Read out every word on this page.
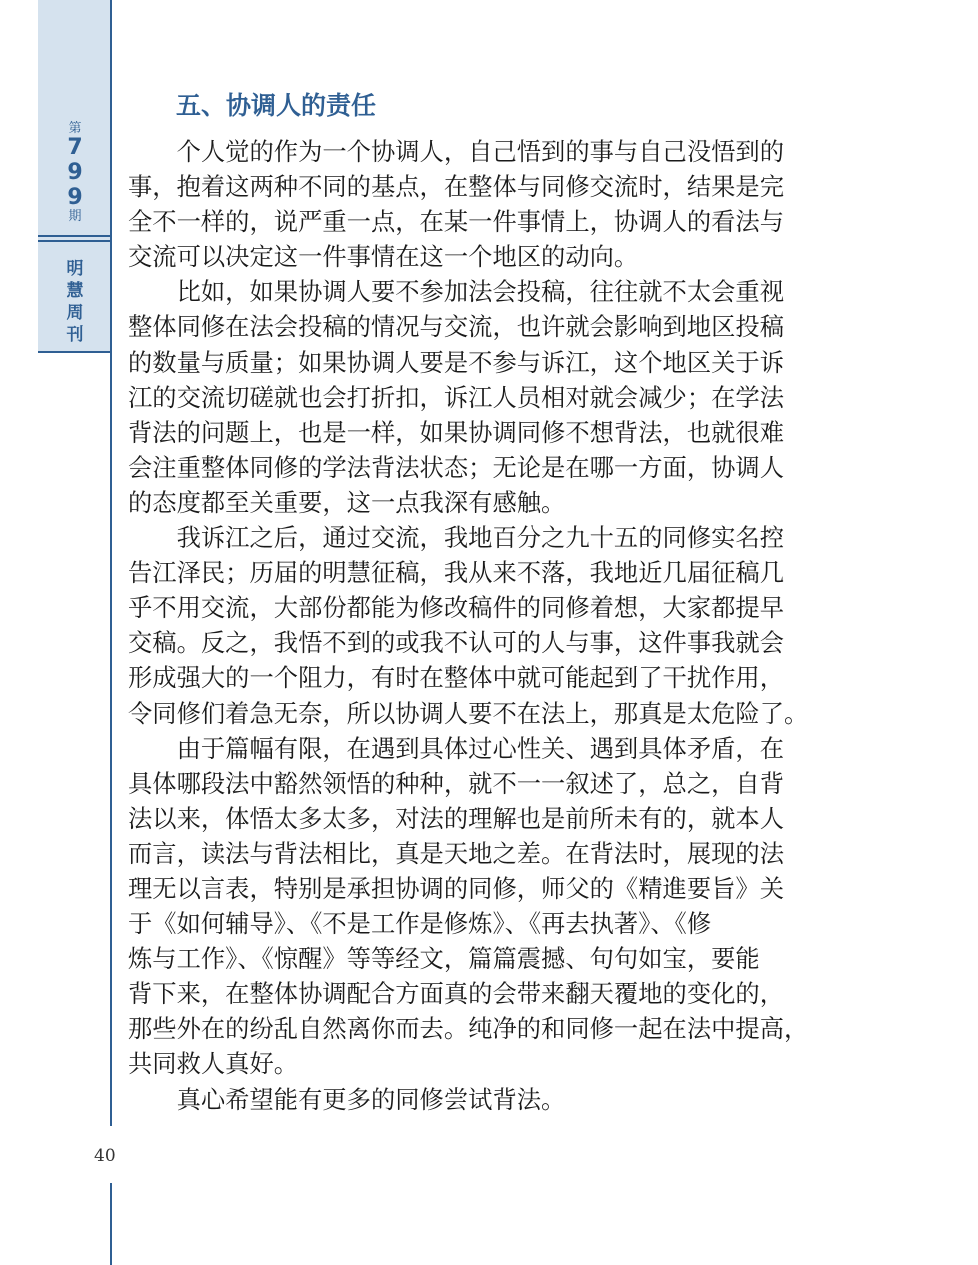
第
7
9
9
期
明
慧
周
刊
五、协调人的责任

个人觉的作为一个协调人，自己悟到的事与自己没悟到的
事，抱着这两种不同的基点，在整体与同修交流时，结果是完
全不一样的，说严重一点，在某一件事情上，协调人的看法与
交流可以决定这一件事情在这一个地区的动向。

比如，如果协调人要不参加法会投稿，往往就不太会重视
整体同修在法会投稿的情况与交流，也许就会影响到地区投稿
的数量与质量；如果协调人要是不参与诉江，这个地区关于诉
江的交流切磋就也会打折扣，诉江人员相对就会减少；在学法
背法的问题上，也是一样，如果协调同修不想背法，也就很难
会注重整体同修的学法背法状态；无论是在哪一方面，协调人
的态度都至关重要，这一点我深有感触。

我诉江之后，通过交流，我地百分之九十五的同修实名控
告江泽民；历届的明慧征稿，我从来不落，我地近几届征稿几
乎不用交流，大部份都能为修改稿件的同修着想，大家都提早
交稿。反之，我悟不到的或我不认可的人与事，这件事我就会
形成强大的一个阻力，有时在整体中就可能起到了干扰作用，
令同修们着急无奈，所以协调人要不在法上，那真是太危险了。

由于篇幅有限，在遇到具体过心性关、遇到具体矛盾，在
具体哪段法中豁然领悟的种种，就不一一叙述了，总之，自背
法以来，体悟太多太多，对法的理解也是前所未有的，就本人
而言，读法与背法相比，真是天地之差。在背法时，展现的法
理无以言表，特别是承担协调的同修，师父的《精進要旨》关
于《如何辅导》、《不是工作是修炼》、《再去执著》、《修
炼与工作》、《惊醒》等等经文，篇篇震撼、句句如宝，要能
背下来，在整体协调配合方面真的会带来翻天覆地的变化的，
那些外在的纷乱自然离你而去。纯净的和同修一起在法中提高，
共同救人真好。

真心希望能有更多的同修尝试背法。

40
